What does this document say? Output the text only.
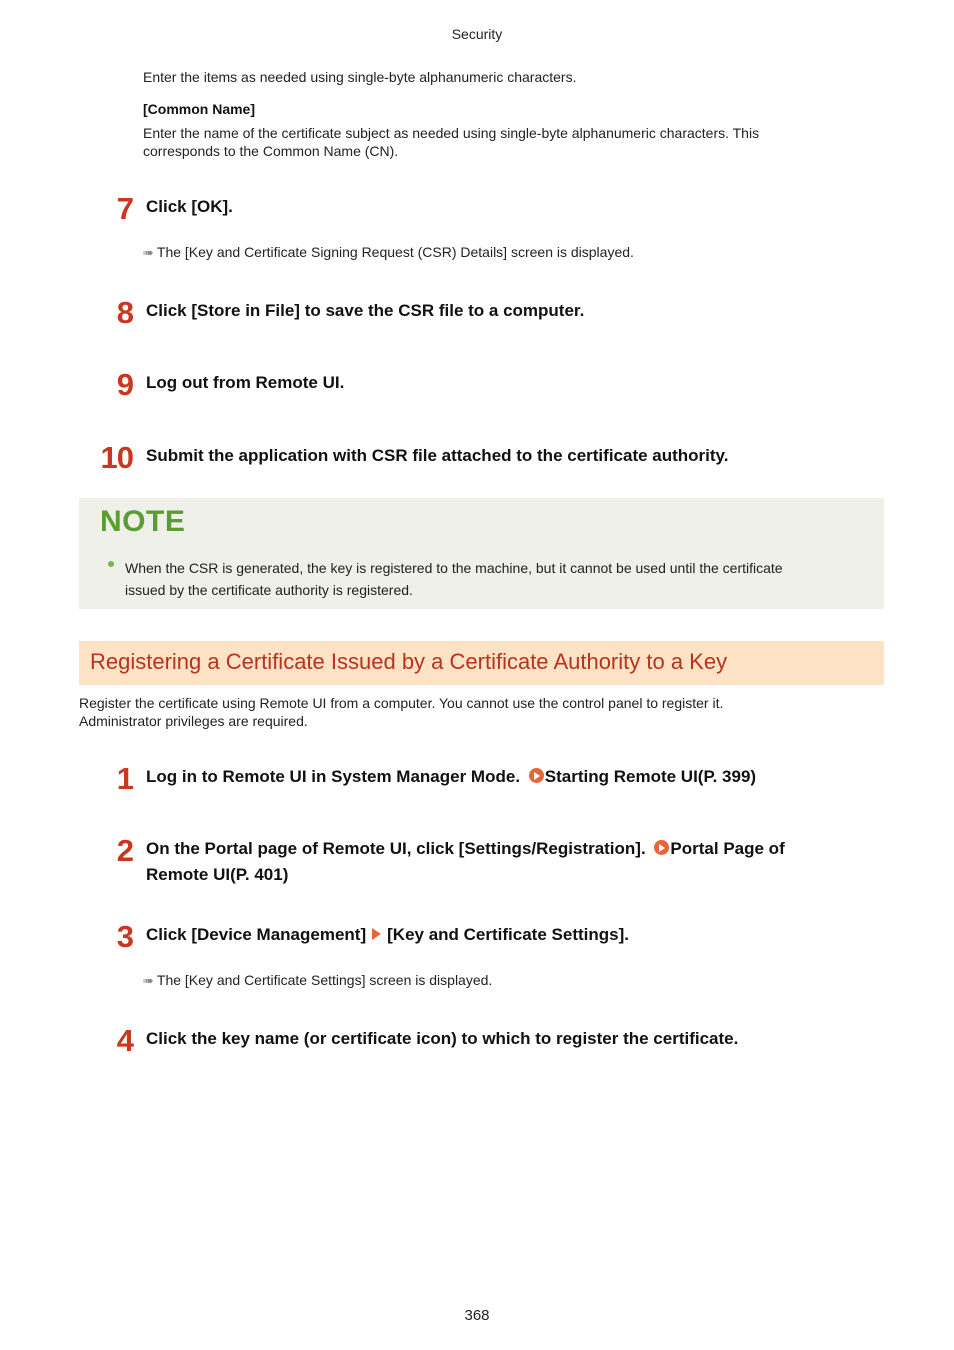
Security
Enter the items as needed using single-byte alphanumeric characters.
[Common Name]
Enter the name of the certificate subject as needed using single-byte alphanumeric characters. This
corresponds to the Common Name (CN).
7 Click [OK].
➠ The [Key and Certificate Signing Request (CSR) Details] screen is displayed.
8 Click [Store in File] to save the CSR file to a computer.
9 Log out from Remote UI.
10 Submit the application with CSR file attached to the certificate authority.
NOTE
When the CSR is generated, the key is registered to the machine, but it cannot be used until the certificate
issued by the certificate authority is registered.
Registering a Certificate Issued by a Certificate Authority to a Key
Register the certificate using Remote UI from a computer. You cannot use the control panel to register it.
Administrator privileges are required.
1 Log in to Remote UI in System Manager Mode. Starting Remote UI(P. 399)
2 On the Portal page of Remote UI, click [Settings/Registration]. Portal Page of
Remote UI(P. 401)
3 Click [Device Management] [Key and Certificate Settings].
➠ The [Key and Certificate Settings] screen is displayed.
4 Click the key name (or certificate icon) to which to register the certificate.
368
